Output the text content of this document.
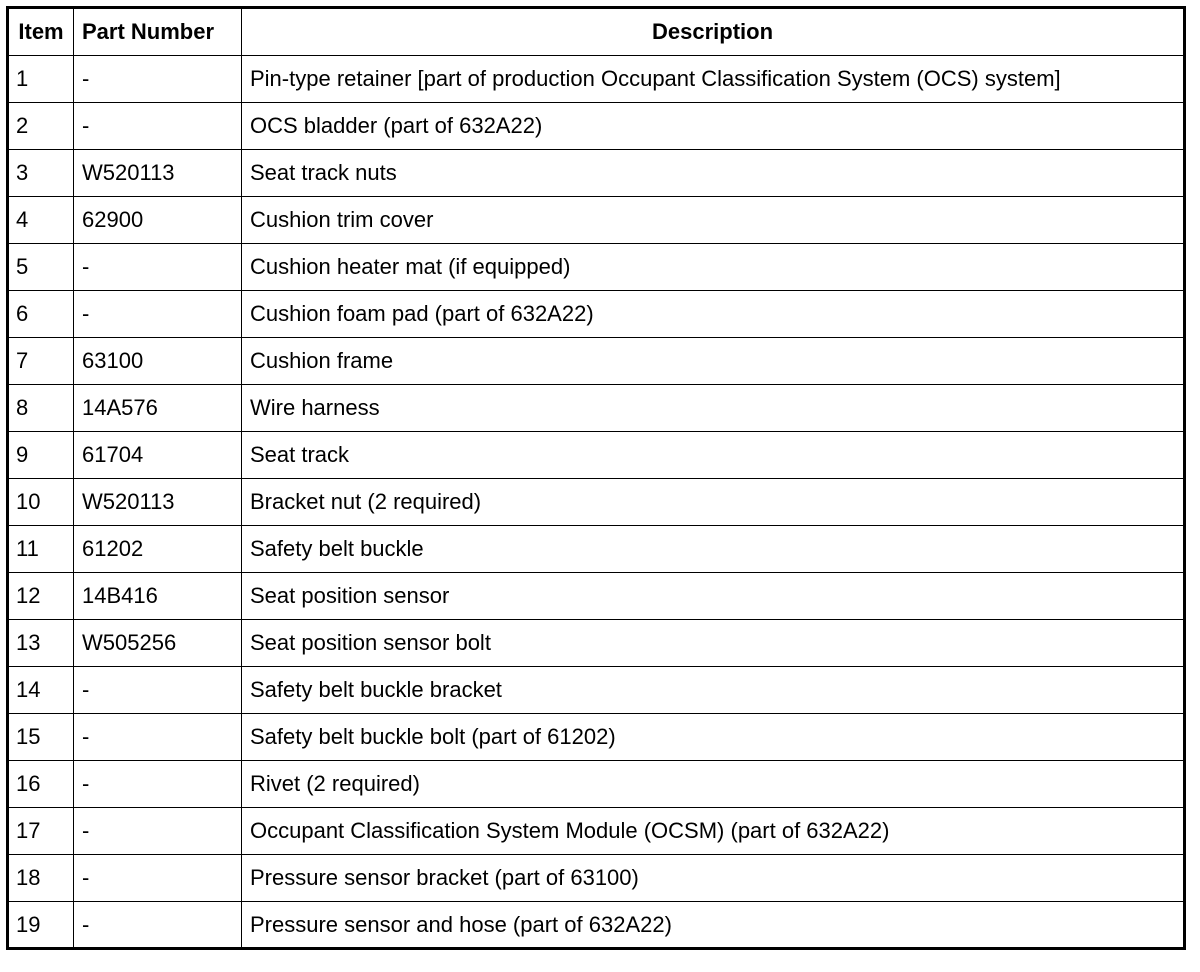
Item	Part Number	Description
1	-	Pin-type retainer [part of production Occupant Classification System (OCS) system]
2	-	OCS bladder (part of 632A22)
3	W520113	Seat track nuts
4	62900	Cushion trim cover
5	-	Cushion heater mat (if equipped)
6	-	Cushion foam pad (part of 632A22)
7	63100	Cushion frame
8	14A576	Wire harness
9	61704	Seat track
10	W520113	Bracket nut (2 required)
11	61202	Safety belt buckle
12	14B416	Seat position sensor
13	W505256	Seat position sensor bolt
14	-	Safety belt buckle bracket
15	-	Safety belt buckle bolt (part of 61202)
16	-	Rivet (2 required)
17	-	Occupant Classification System Module (OCSM) (part of 632A22)
18	-	Pressure sensor bracket (part of 63100)
19	-	Pressure sensor and hose (part of 632A22)
